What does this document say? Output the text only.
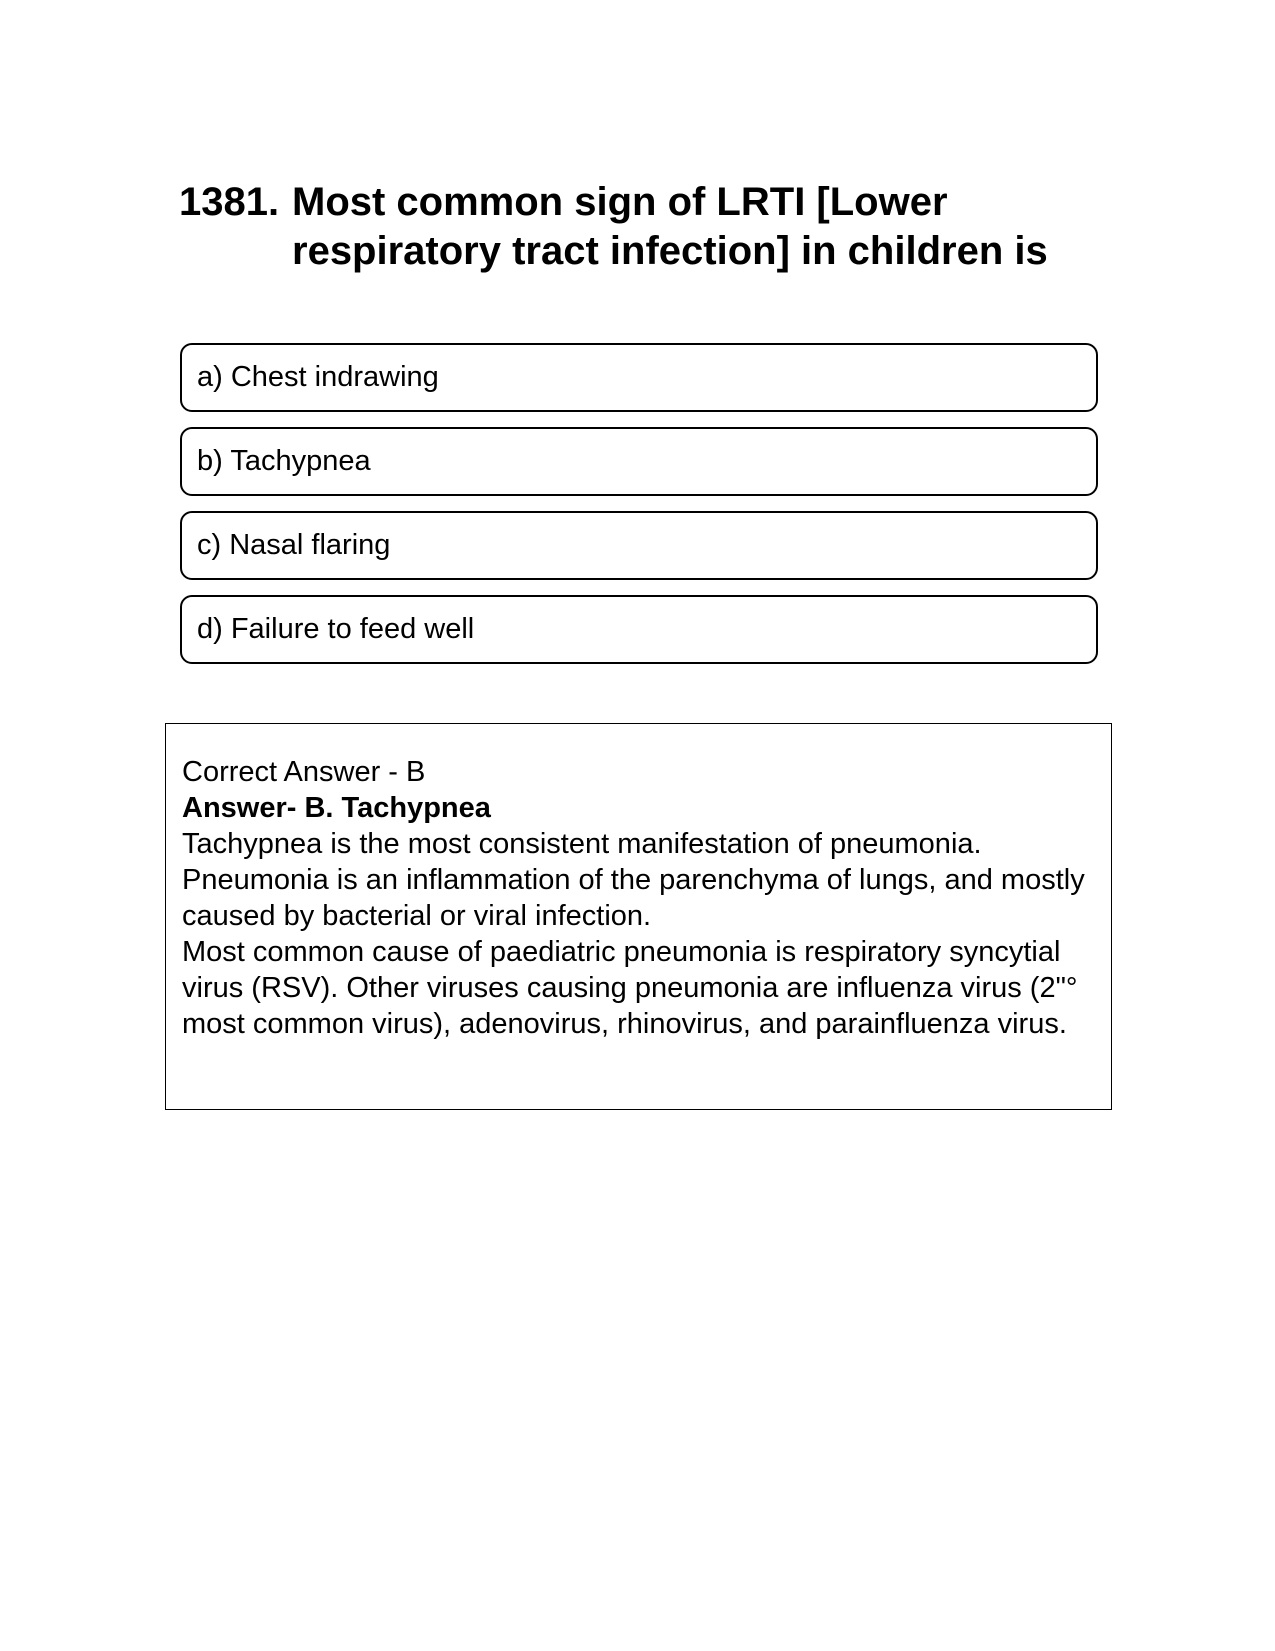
1381. Most common sign of LRTI [Lower respiratory tract infection] in children is
a) Chest indrawing
b) Tachypnea
c) Nasal flaring
d) Failure to feed well

Correct Answer - B

Answer- B. Tachypnea

Tachypnea is the most consistent manifestation of pneumonia.

Pneumonia is an inflammation of the parenchyma of lungs, and mostly caused by bacterial or viral infection.

Most common cause of paediatric pneumonia is respiratory syncytial virus (RSV). Other viruses causing pneumonia are influenza virus (2"° most common virus), adenovirus, rhinovirus, and parainfluenza virus.
